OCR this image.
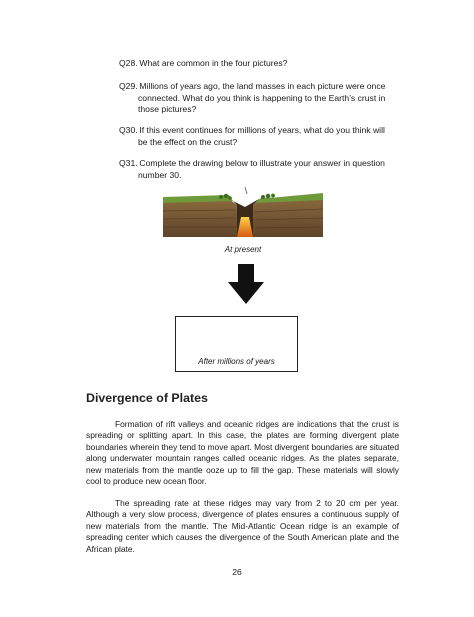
Q28. What are common in the four pictures?
Q29. Millions of years ago, the land masses in each picture were once
connected. What do you think is happening to the Earth’s crust in
those pictures?
Q30. If this event continues for millions of years, what do you think will
be the effect on the crust?
Q31. Complete the drawing below to illustrate your answer in question
number 30.
At present
After millions of years
Divergence of Plates

Formation of rift valleys and oceanic ridges are indications that the crust is spreading or splitting apart. In this case, the plates are forming divergent plate boundaries wherein they tend to move apart. Most divergent boundaries are situated along underwater mountain ranges called oceanic ridges. As the plates separate, new materials from the mantle ooze up to fill the gap. These materials will slowly cool to produce new ocean floor.

The spreading rate at these ridges may vary from 2 to 20 cm per year. Although a very slow process, divergence of plates ensures a continuous supply of new materials from the mantle. The Mid-Atlantic Ocean ridge is an example of spreading center which causes the divergence of the South American plate and the African plate.

26
